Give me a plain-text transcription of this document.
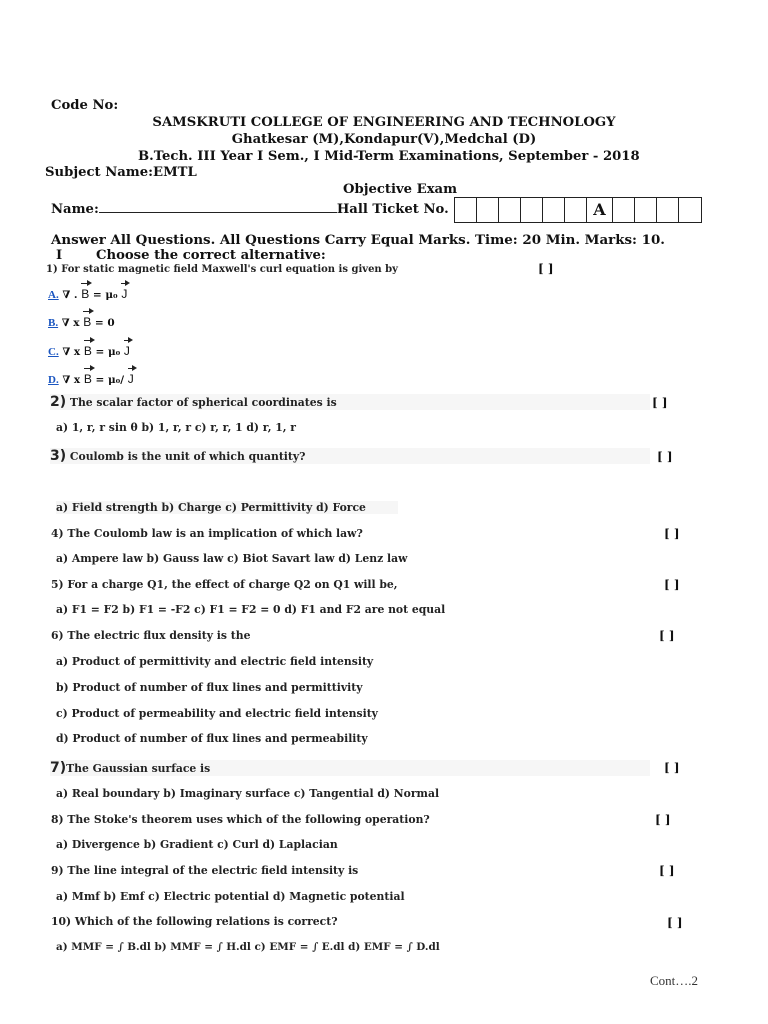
Code No:
SAMSKRUTI COLLEGE OF ENGINEERING AND TECHNOLOGY
Ghatkesar (M),Kondapur(V),Medchal (D)
B.Tech. III Year I Sem., I Mid-Term Examinations, September - 2018
Subject Name:EMTL
Objective Exam
Name:	Hall Ticket No.	A
Answer All Questions. All Questions Carry Equal Marks. Time: 20 Min. Marks: 10.
I	Choose the correct alternative:
1) For static magnetic field Maxwell's curl equation is given by	[ ]
A. ∇ . B = μ₀ J
B. ∇ x B = 0
C. ∇ x B = μ₀ J
D. ∇ x B = μ₀/ J
2) The scalar factor of spherical coordinates is	[ ]
a) 1, r, r sin θ b) 1, r, r c) r, r, 1 d) r, 1, r
3) Coulomb is the unit of which quantity?	[ ]
a) Field strength b) Charge c) Permittivity d) Force
4) The Coulomb law is an implication of which law?	[ ]
a) Ampere law b) Gauss law c) Biot Savart law d) Lenz law
5) For a charge Q1, the effect of charge Q2 on Q1 will be,	[ ]
a) F1 = F2 b) F1 = -F2 c) F1 = F2 = 0 d) F1 and F2 are not equal
6) The electric flux density is the	[ ]
a) Product of permittivity and electric field intensity
b) Product of number of flux lines and permittivity
c) Product of permeability and electric field intensity
d) Product of number of flux lines and permeability
7)The Gaussian surface is	[ ]
a) Real boundary b) Imaginary surface c) Tangential d) Normal
8) The Stoke's theorem uses which of the following operation?	[ ]
a) Divergence b) Gradient c) Curl d) Laplacian
9) The line integral of the electric field intensity is	[ ]
a) Mmf b) Emf c) Electric potential d) Magnetic potential
10) Which of the following relations is correct?	[ ]
a) MMF = ∫ B.dl b) MMF = ∫ H.dl c) EMF = ∫ E.dl d) EMF = ∫ D.dl
Cont….2
